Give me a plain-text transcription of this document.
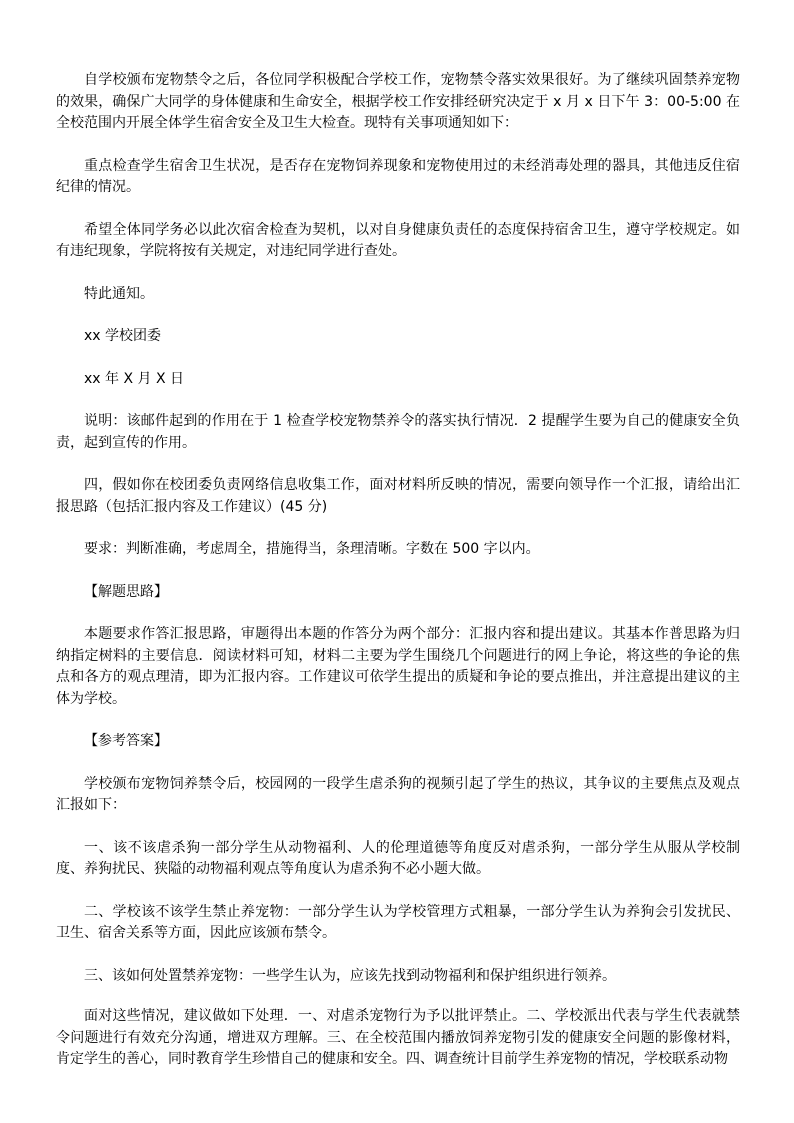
自学校颁布宠物禁令之后，各位同学积极配合学校工作，宠物禁令落实效果很好。为了继续巩固禁养宠物的效果，确保广大同学的身体健康和生命安全，根据学校工作安排经研究决定于 x 月 x 日下午 3：00-5:00 在全校范围内开展全体学生宿舍安全及卫生大检查。现特有关事项通知如下：

重点检查学生宿舍卫生状况，是否存在宠物饲养现象和宠物使用过的未经消毒处理的器具，其他违反住宿纪律的情况。

希望全体同学务必以此次宿舍检查为契机，以对自身健康负责任的态度保持宿舍卫生，遵守学校规定。如有违纪现象，学院将按有关规定，对违纪同学进行查处。

特此通知。

xx 学校团委

xx 年 X 月 X 日

说明：该邮件起到的作用在于 1 检查学校宠物禁养令的落实执行情况．2 提醒学生要为自己的健康安全负责，起到宣传的作用。

四，假如你在校团委负责网络信息收集工作，面对材料所反映的情况，需要向领导作一个汇报，请给出汇报思路（包括汇报内容及工作建议）(45 分)

要求：判断准确，考虑周全，措施得当，条理清晰。字数在 500 字以内。

【解题思路】

本题要求作答汇报思路，审题得出本题的作答分为两个部分：汇报内容和提出建议。其基本作普思路为归纳指定树料的主要信息．阅读材料可知，材料二主要为学生围绕几个问题进行的网上争论，将这些的争论的焦点和各方的观点理清，即为汇报内容。工作建议可依学生提出的质疑和争论的要点推出，并注意提出建议的主体为学校。

【参考答案】

学校颁布宠物饲养禁令后，校园网的一段学生虐杀狗的视频引起了学生的热议，其争议的主要焦点及观点汇报如下：

一、该不该虐杀狗一部分学生从动物福利、人的伦理道德等角度反对虐杀狗，一部分学生从服从学校制度、养狗扰民、狭隘的动物福利观点等角度认为虐杀狗不必小题大做。

二、学校该不该学生禁止养宠物：一部分学生认为学校管理方式粗暴，一部分学生认为养狗会引发扰民、卫生、宿舍关系等方面，因此应该颁布禁令。

三、该如何处置禁养宠物：一些学生认为，应该先找到动物福利和保护组织进行领养。

面对这些情况，建议做如下处理．一、对虐杀宠物行为予以批评禁止。二、学校派出代表与学生代表就禁令问题进行有效充分沟通，增进双方理解。三、在全校范围内播放饲养宠物引发的健康安全问题的影像材料，肯定学生的善心，同时教育学生珍惜自己的健康和安全。四、调查统计目前学生养宠物的情况，学校联系动物
